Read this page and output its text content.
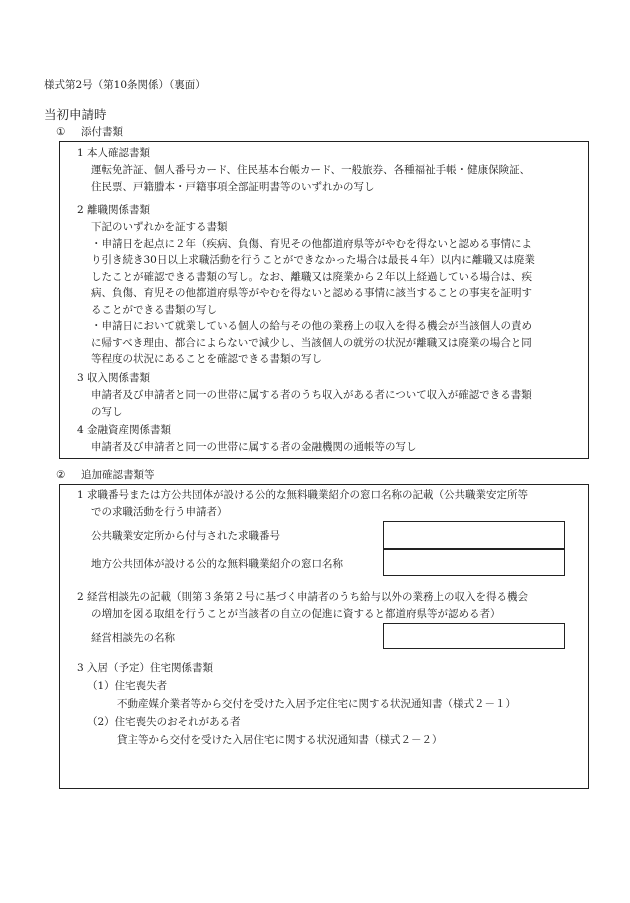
様式第2号（第10条関係）（裏面）
当初申請時
① 添付書類
1 本人確認書類
運転免許証、個人番号カード、住民基本台帳カード、一般旅券、各種福祉手帳・健康保険証、
住民票、戸籍謄本・戸籍事項全部証明書等のいずれかの写し
2 離職関係書類
下記のいずれかを証する書類
・申請日を起点に２年（疾病、負傷、育児その他都道府県等がやむを得ないと認める事情によ
り引き続き30日以上求職活動を行うことができなかった場合は最長４年）以内に離職又は廃業
したことが確認できる書類の写し。なお、離職又は廃業から２年以上経過している場合は、疾
病、負傷、育児その他都道府県等がやむを得ないと認める事情に該当することの事実を証明す
ることができる書類の写し
・申請日において就業している個人の給与その他の業務上の収入を得る機会が当該個人の責め
に帰すべき理由、都合によらないで減少し、当該個人の就労の状況が離職又は廃業の場合と同
等程度の状況にあることを確認できる書類の写し
3 収入関係書類
申請者及び申請者と同一の世帯に属する者のうち収入がある者について収入が確認できる書類
の写し
4 金融資産関係書類
申請者及び申請者と同一の世帯に属する者の金融機関の通帳等の写し
② 追加確認書類等
1 求職番号または方公共団体が設ける公的な無料職業紹介の窓口名称の記載（公共職業安定所等
での求職活動を行う申請者）
公共職業安定所から付与された求職番号
地方公共団体が設ける公的な無料職業紹介の窓口名称
2 経営相談先の記載（則第３条第２号に基づく申請者のうち給与以外の業務上の収入を得る機会
の増加を図る取組を行うことが当該者の自立の促進に資すると都道府県等が認める者）
経営相談先の名称
3 入居（予定）住宅関係書類
（1）住宅喪失者
不動産媒介業者等から交付を受けた入居予定住宅に関する状況通知書（様式２－１）
（2）住宅喪失のおそれがある者
貸主等から交付を受けた入居住宅に関する状況通知書（様式２－２）
